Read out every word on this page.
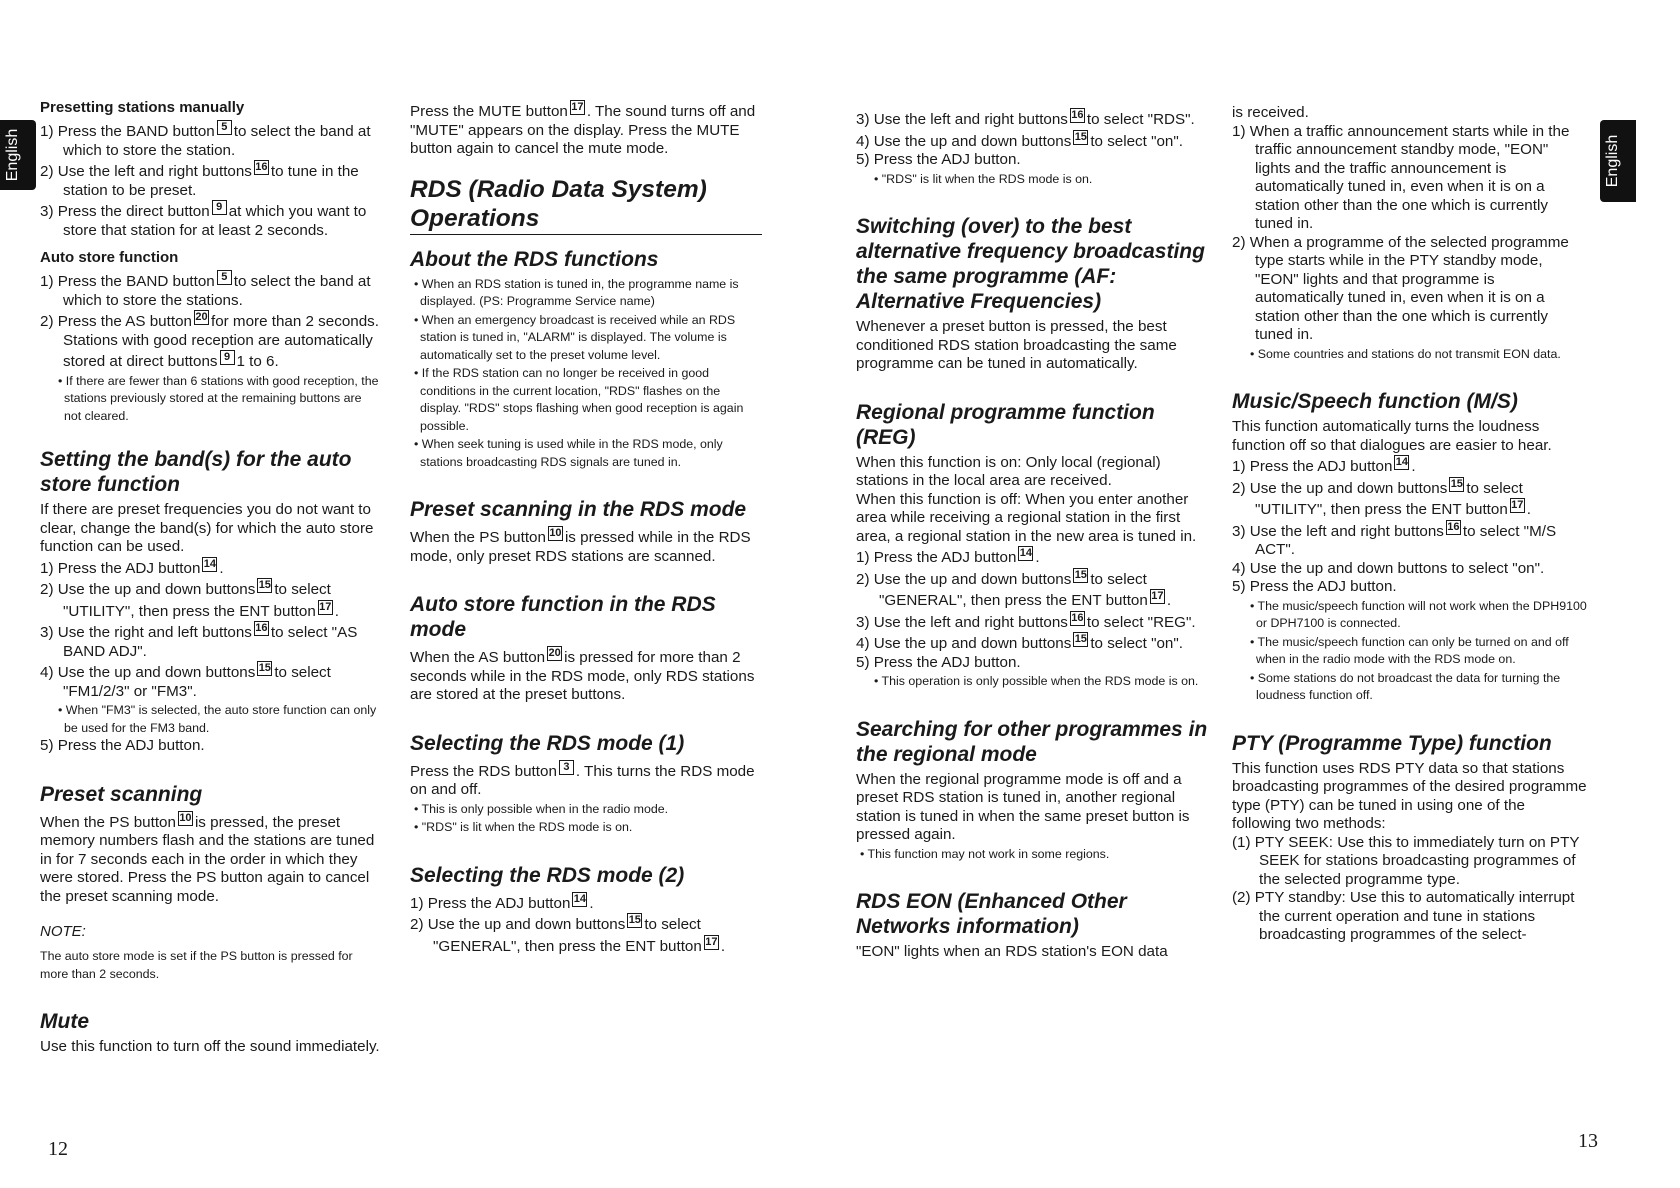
English	English
Presetting stations manually

1) Press the BAND button 5 to select the band at which to store the station.

2) Use the left and right buttons 16 to tune in the station to be preset.

3) Press the direct button 9 at which you want to store that station for at least 2 seconds.

Auto store function

1) Press the BAND button 5 to select the band at which to store the stations.

2) Press the AS button 20 for more than 2 seconds. Stations with good reception are automatically stored at direct buttons 9 1 to 6.

• If there are fewer than 6 stations with good reception, the stations previously stored at the remaining buttons are not cleared.

Setting the band(s) for the auto store function

If there are preset frequencies you do not want to clear, change the band(s) for which the auto store function can be used.

1) Press the ADJ button 14 .

2) Use the up and down buttons 15 to select "UTILITY", then press the ENT button 17 .

3) Use the right and left buttons 16 to select "AS BAND ADJ".

4) Use the up and down buttons 15 to select "FM1/2/3" or "FM3".

• When "FM3" is selected, the auto store function can only be used for the FM3 band.

5) Press the ADJ button.

Preset scanning

When the PS button 10 is pressed, the preset memory numbers flash and the stations are tuned in for 7 seconds each in the order in which they were stored. Press the PS button again to cancel the preset scanning mode.

NOTE:

The auto store mode is set if the PS button is pressed for more than 2 seconds.

Mute

Use this function to turn off the sound immediately.

Press the MUTE button 17 . The sound turns off and "MUTE" appears on the display. Press the MUTE button again to cancel the mute mode.

RDS (Radio Data System) Operations
About the RDS functions

• When an RDS station is tuned in, the programme name is displayed. (PS: Programme Service name)

• When an emergency broadcast is received while an RDS station is tuned in, "ALARM" is displayed. The volume is automatically set to the preset volume level.

• If the RDS station can no longer be received in good conditions in the current location, "RDS" flashes on the display. "RDS" stops flashing when good reception is again possible.

• When seek tuning is used while in the RDS mode, only stations broadcasting RDS signals are tuned in.

Preset scanning in the RDS mode

When the PS button 10 is pressed while in the RDS mode, only preset RDS stations are scanned.

Auto store function in the RDS mode

When the AS button 20 is pressed for more than 2 seconds while in the RDS mode, only RDS stations are stored at the preset buttons.

Selecting the RDS mode (1)

Press the RDS button 3 . This turns the RDS mode on and off.

• This is only possible when in the radio mode.

• "RDS" is lit when the RDS mode is on.

Selecting the RDS mode (2)

1) Press the ADJ button 14 .

2) Use the up and down buttons 15 to select "GENERAL", then press the ENT button 17 .

3) Use the left and right buttons 16 to select "RDS".

4) Use the up and down buttons 15 to select "on".

5) Press the ADJ button.

• "RDS" is lit when the RDS mode is on.

Switching (over) to the best alternative frequency broadcasting the same programme (AF: Alternative Frequencies)

Whenever a preset button is pressed, the best conditioned RDS station broadcasting the same programme can be tuned in automatically.

Regional programme function (REG)

When this function is on: Only local (regional) stations in the local area are received.

When this function is off: When you enter another area while receiving a regional station in the first area, a regional station in the new area is tuned in.

1) Press the ADJ button 14 .

2) Use the up and down buttons 15 to select "GENERAL", then press the ENT button 17 .

3) Use the left and right buttons 16 to select "REG".

4) Use the up and down buttons 15 to select "on".

5) Press the ADJ button.

• This operation is only possible when the RDS mode is on.

Searching for other programmes in the regional mode

When the regional programme mode is off and a preset RDS station is tuned in, another regional station is tuned in when the same preset button is pressed again.

• This function may not work in some regions.

RDS EON (Enhanced Other Networks information)

"EON" lights when an RDS station's EON data

is received.

1) When a traffic announcement starts while in the traffic announcement standby mode, "EON" lights and the traffic announcement is automatically tuned in, even when it is on a station other than the one which is currently tuned in.

2) When a programme of the selected programme type starts while in the PTY standby mode, "EON" lights and that programme is automatically tuned in, even when it is on a station other than the one which is currently tuned in.

• Some countries and stations do not transmit EON data.

Music/Speech function (M/S)

This function automatically turns the loudness function off so that dialogues are easier to hear.

1) Press the ADJ button 14 .

2) Use the up and down buttons 15 to select "UTILITY", then press the ENT button 17 .

3) Use the left and right buttons 16 to select "M/S ACT".

4) Use the up and down buttons to select "on".

5) Press the ADJ button.

• The music/speech function will not work when the DPH9100 or DPH7100 is connected.

• The music/speech function can only be turned on and off when in the radio mode with the RDS mode on.

• Some stations do not broadcast the data for turning the loudness function off.

PTY (Programme Type) function

This function uses RDS PTY data so that stations broadcasting programmes of the desired programme type (PTY) can be tuned in using one of the following two methods:

(1) PTY SEEK: Use this to immediately turn on PTY SEEK for stations broadcasting programmes of the selected programme type.

(2) PTY standby: Use this to automatically interrupt the current operation and tune in stations broadcasting programmes of the select-

12	13
